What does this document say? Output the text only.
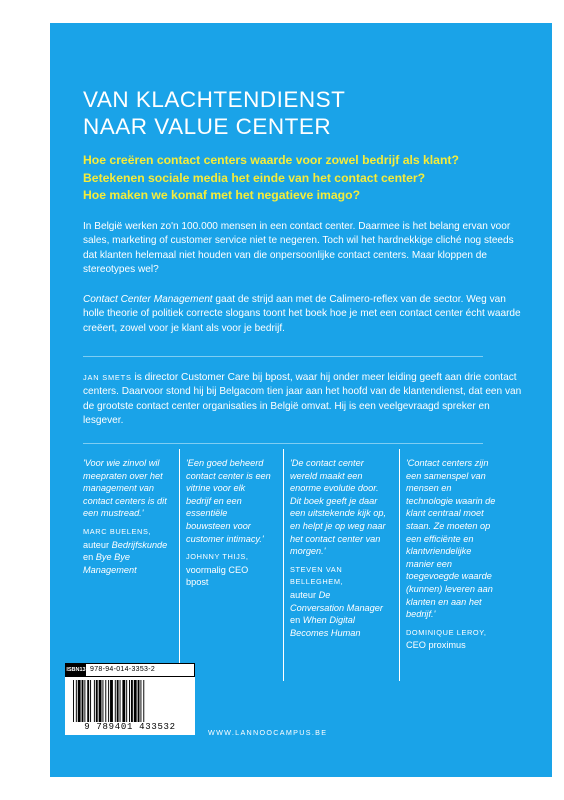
VAN KLACHTENDIENST
NAAR VALUE CENTER
Hoe creëren contact centers waarde voor zowel bedrijf als klant?
Betekenen sociale media het einde van het contact center?
Hoe maken we komaf met het negatieve imago?
In België werken zo'n 100.000 mensen in een contact center. Daarmee is het belang ervan voor sales, marketing of customer service niet te negeren. Toch wil het hardnekkige cliché nog steeds dat klanten helemaal niet houden van die onpersoonlijke contact centers. Maar kloppen de stereotypes wel?
Contact Center Management gaat de strijd aan met de Calimero-reflex van de sector. Weg van holle theorie of politiek correcte slogans toont het boek hoe je met een contact center écht waarde creëert, zowel voor je klant als voor je bedrijf.
JAN SMETS is director Customer Care bij bpost, waar hij onder meer leiding geeft aan drie contact centers. Daarvoor stond hij bij Belgacom tien jaar aan het hoofd van de klantendienst, dat een van de grootste contact center organisaties in België omvat. Hij is een veelgevraagd spreker en lesgever.
'Voor wie zinvol wil meepraten over het management van contact centers is dit een mustread.'
MARC BUELENS,
auteur Bedrijfskunde en Bye Bye Management
'Een goed beheerd contact center is een vitrine voor elk bedrijf en een essentiële bouwsteen voor customer intimacy.'
JOHNNY THIJS,
voormalig CEO bpost
'De contact center wereld maakt een enorme evolutie door. Dit boek geeft je daar een uitstekende kijk op, en helpt je op weg naar het contact center van morgen.'
STEVEN VAN BELLEGHEM,
auteur De Conversation Manager en When Digital Becomes Human
'Contact centers zijn een samenspel van mensen en technologie waarin de klant centraal moet staan. Ze moeten op een efficiënte en klantvriendelijke manier een toegevoegde waarde (kunnen) leveren aan klanten en aan het bedrijf.'
DOMINIQUE LEROY,
CEO proximus
ISBN13 978-94-014-3353-2
9 789401 433532
WWW.LANNOOCAMPUS.BE
